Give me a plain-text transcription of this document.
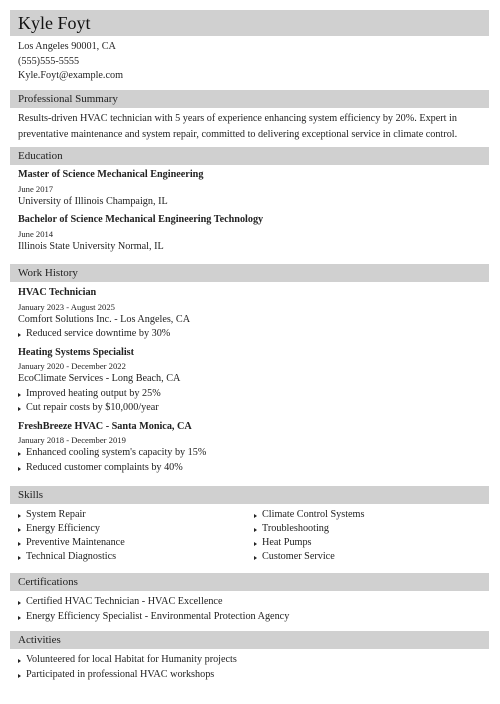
Kyle Foyt
Los Angeles 90001, CA
(555)555-5555
Kyle.Foyt@example.com
Professional Summary
Results-driven HVAC technician with 5 years of experience enhancing system efficiency by 20%. Expert in preventative maintenance and system repair, committed to delivering exceptional service in climate control.
Education
Master of Science Mechanical Engineering
June 2017
University of Illinois Champaign, IL
Bachelor of Science Mechanical Engineering Technology
June 2014
Illinois State University Normal, IL
Work History
HVAC Technician
January 2023 - August 2025
Comfort Solutions Inc. - Los Angeles, CA
Reduced service downtime by 30%
Heating Systems Specialist
January 2020 - December 2022
EcoClimate Services - Long Beach, CA
Improved heating output by 25%
Cut repair costs by $10,000/year
FreshBreeze HVAC - Santa Monica, CA
January 2018 - December 2019
Enhanced cooling system's capacity by 15%
Reduced customer complaints by 40%
Skills
System Repair
Energy Efficiency
Preventive Maintenance
Technical Diagnostics
Climate Control Systems
Troubleshooting
Heat Pumps
Customer Service
Certifications
Certified HVAC Technician - HVAC Excellence
Energy Efficiency Specialist - Environmental Protection Agency
Activities
Volunteered for local Habitat for Humanity projects
Participated in professional HVAC workshops
